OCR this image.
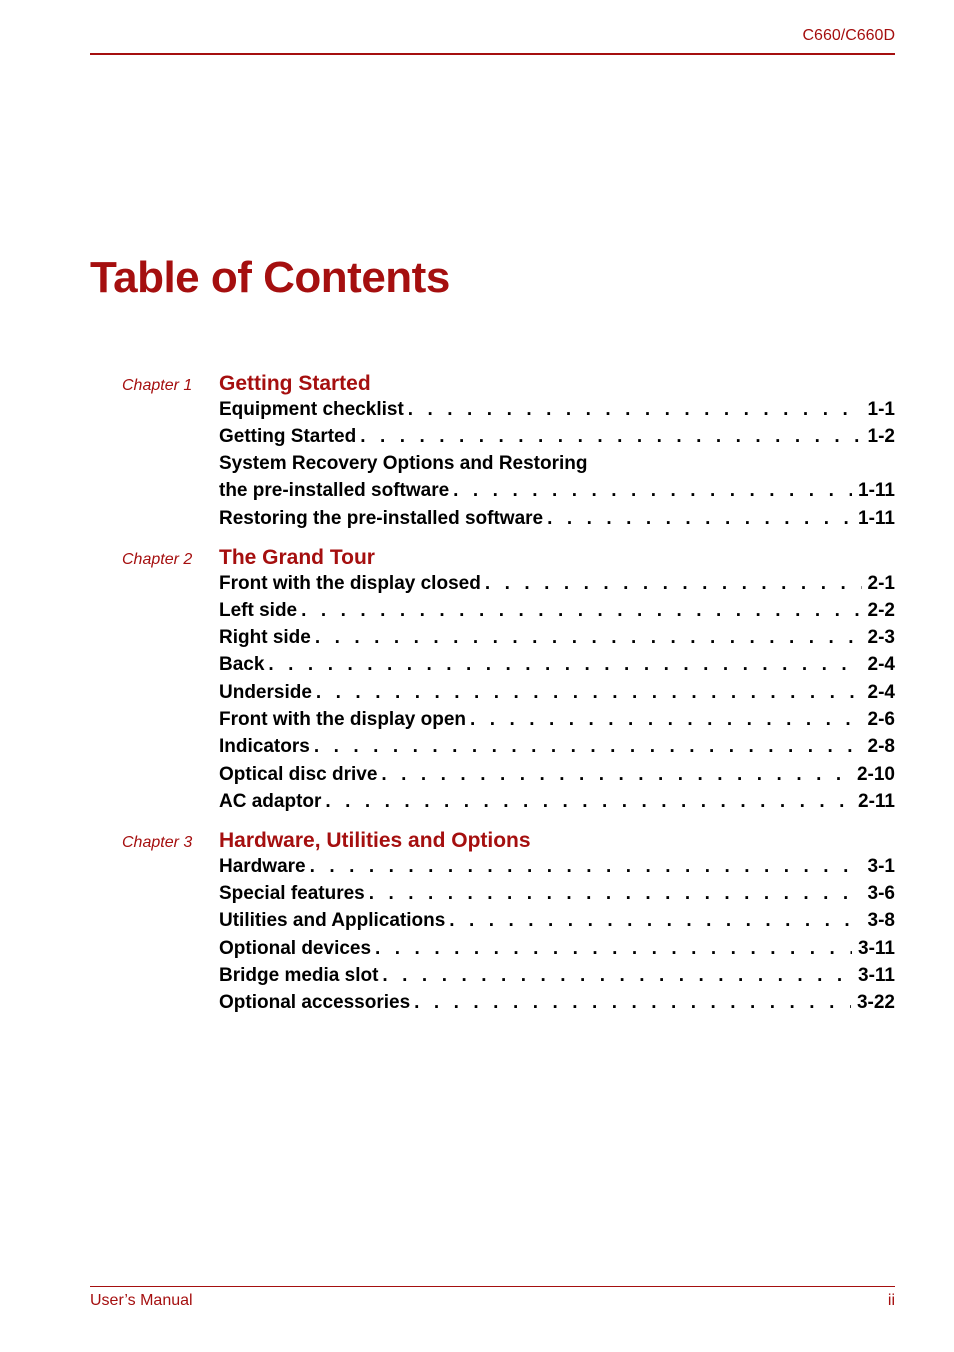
C660/C660D
Table of Contents
Chapter 1 Getting Started
Equipment checklist . . .	1-1
Getting Started . . .	1-2
System Recovery Options and Restoring
the pre-installed software . . .	1-11
Restoring the pre-installed software . . .	1-11
Chapter 2 The Grand Tour
Front with the display closed . . .	2-1
Left side . . .	2-2
Right side . . .	2-3
Back . . .	2-4
Underside . . .	2-4
Front with the display open . . .	2-6
Indicators . . .	2-8
Optical disc drive . . .	2-10
AC adaptor . . .	2-11
Chapter 3 Hardware, Utilities and Options
Hardware . . .	3-1
Special features . . .	3-6
Utilities and Applications . . .	3-8
Optional devices . . .	3-11
Bridge media slot . . .	3-11
Optional accessories . . .	3-22
User’s Manual	ii
